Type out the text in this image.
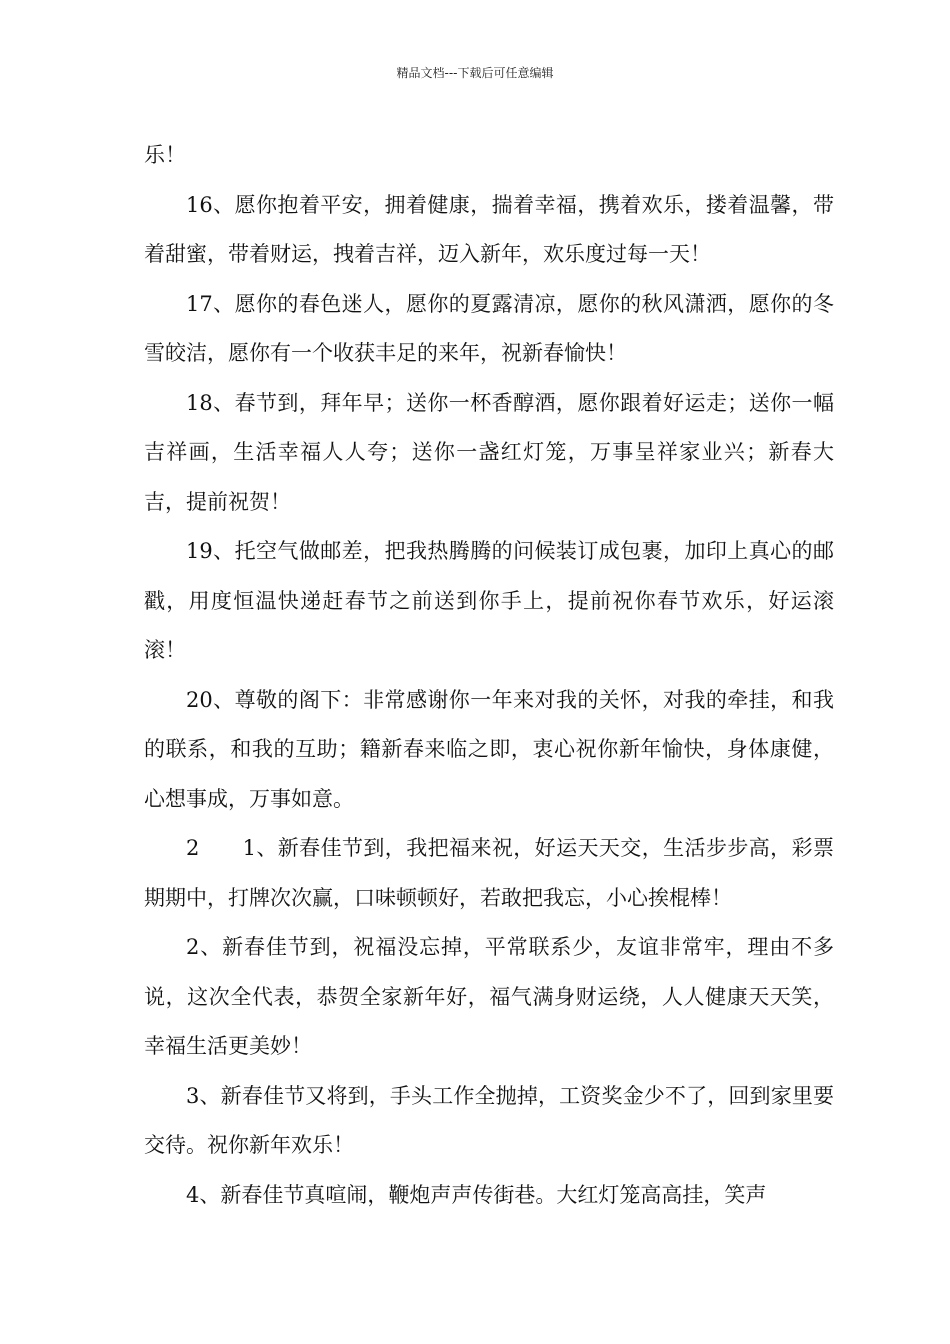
精品文档---下载后可任意编辑

乐！

16、愿你抱着平安，拥着健康，揣着幸福，携着欢乐，搂着温馨，带着甜蜜，带着财运，拽着吉祥，迈入新年，欢乐度过每一天！

17、愿你的春色迷人，愿你的夏露清凉，愿你的秋风潇洒，愿你的冬雪皎洁，愿你有一个收获丰足的来年，祝新春愉快！

18、春节到，拜年早；送你一杯香醇酒，愿你跟着好运走；送你一幅吉祥画，生活幸福人人夸；送你一盏红灯笼，万事呈祥家业兴；新春大吉，提前祝贺！

19、托空气做邮差，把我热腾腾的问候装订成包裹，加印上真心的邮戳，用度恒温快递赶春节之前送到你手上，提前祝你春节欢乐，好运滚滚！

20、尊敬的阁下：非常感谢你一年来对我的关怀，对我的牵挂，和我的联系，和我的互助；籍新春来临之即，衷心祝你新年愉快，身体康健，心想事成，万事如意。

2　　1、新春佳节到，我把福来祝，好运天天交，生活步步高，彩票期期中，打牌次次赢，口味顿顿好，若敢把我忘，小心挨棍棒！

2、新春佳节到，祝福没忘掉，平常联系少，友谊非常牢，理由不多说，这次全代表，恭贺全家新年好，福气满身财运绕，人人健康天天笑，幸福生活更美妙！

3、新春佳节又将到，手头工作全抛掉，工资奖金少不了，回到家里要交待。祝你新年欢乐！

4、新春佳节真喧闹，鞭炮声声传街巷。大红灯笼高高挂，笑声
